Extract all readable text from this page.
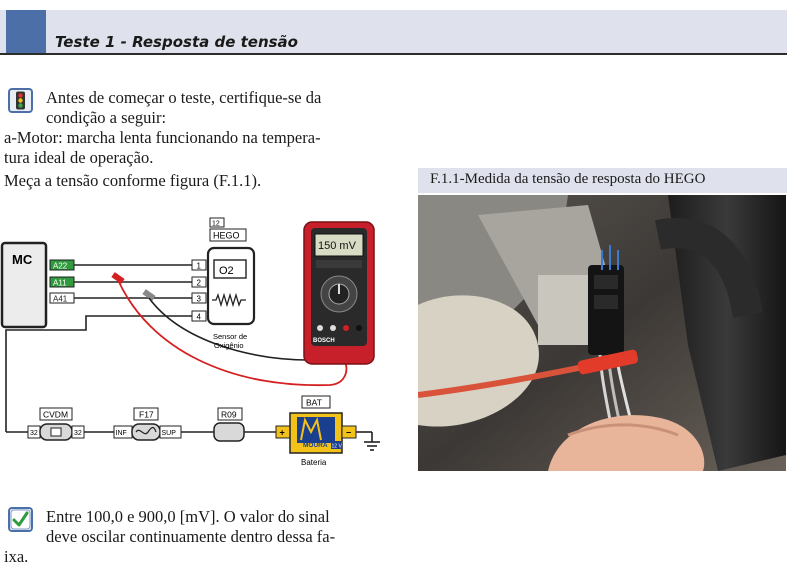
Teste 1 - Resposta de tensão
Antes de começar o teste, certifique-se da
condição a seguir:
a-Motor: marcha lenta funcionando na tempera-
tura ideal de operação.
Meça a tensão conforme figura (F.1.1).
MC	A22
A11
A41
12
HEGO
O2
1
2
3
4
Sensor de
Oxigênio
150 mV
BOSCH
CVDM
32	32
F17
INF	SUP
R09
BAT
+
MOURA 12 V
−
Bateria
F.1.1-Medida da tensão de resposta do HEGO
Entre 100,0 e 900,0 [mV]. O valor do sinal
deve oscilar continuamente dentro dessa fa-
ixa.
